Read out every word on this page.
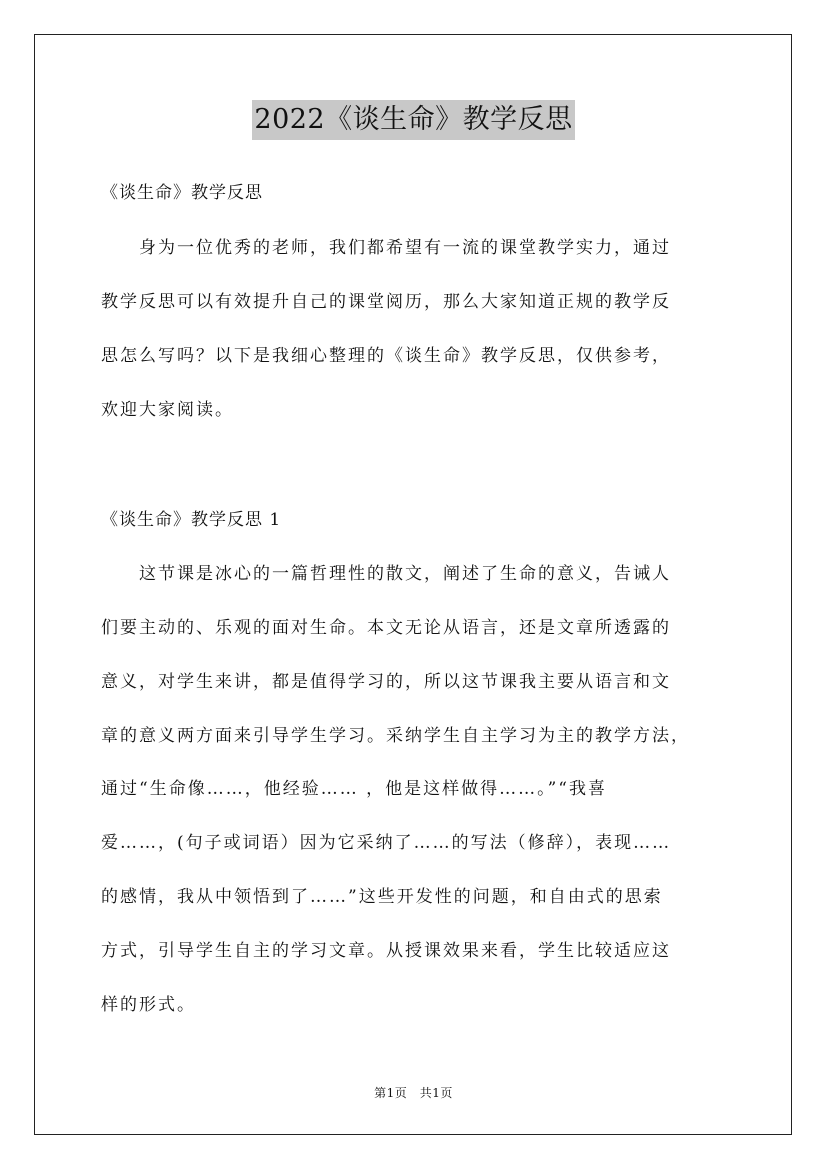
2022《谈生命》教学反思

《谈生命》教学反思

　　身为一位优秀的老师，我们都希望有一流的课堂教学实力，通过

教学反思可以有效提升自己的课堂阅历，那么大家知道正规的教学反

思怎么写吗？以下是我细心整理的《谈生命》教学反思，仅供参考，

欢迎大家阅读。

《谈生命》教学反思 1

　　这节课是冰心的一篇哲理性的散文，阐述了生命的意义，告诫人

们要主动的、乐观的面对生命。本文无论从语言，还是文章所透露的

意义，对学生来讲，都是值得学习的，所以这节课我主要从语言和文

章的意义两方面来引导学生学习。采纳学生自主学习为主的教学方法，

通过“生命像……，他经验…… ，他是这样做得……。”“我喜

爱……，(句子或词语）因为它采纳了……的写法（修辞），表现……

的感情，我从中领悟到了……”这些开发性的问题，和自由式的思索

方式，引导学生自主的学习文章。从授课效果来看，学生比较适应这

样的形式。

第1页　共1页
